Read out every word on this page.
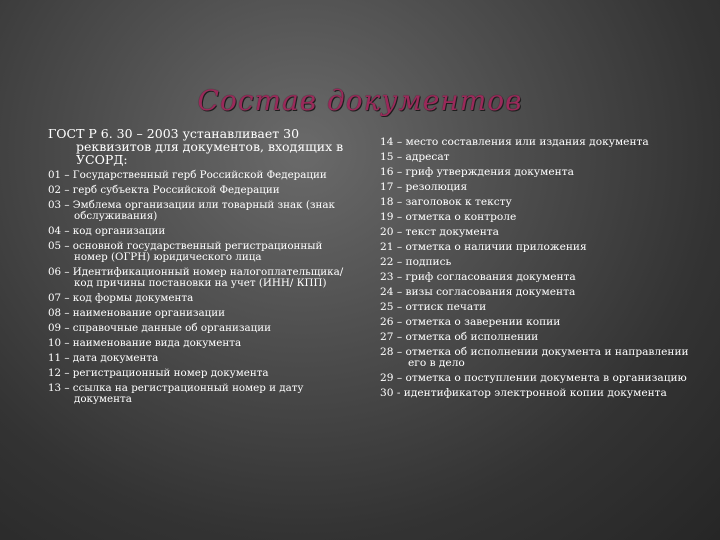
Состав документов
ГОСТ Р 6. 30 – 2003 устанавливает 30 реквизитов для документов, входящих в УСОРД:
01 – Государственный герб Российской Федерации
02 – герб субъекта Российской Федерации
03 – Эмблема организации или товарный знак (знак обслуживания)
04 – код организации
05 – основной государственный регистрационный номер (ОГРН) юридического лица
06 – Идентификационный номер налогоплательщика/ код причины постановки на учет (ИНН/ КПП)
07 – код формы документа
08 – наименование организации
09 – справочные данные об организации
10 – наименование вида документа
11 – дата документа
12 – регистрационный номер документа
13 – ссылка на регистрационный номер и дату документа
14 – место составления или издания документа
15 – адресат
16 – гриф утверждения документа
17 – резолюция
18 – заголовок к тексту
19 – отметка о контроле
20 – текст документа
21 – отметка о наличии приложения
22 – подпись
23 – гриф согласования документа
24 – визы согласования документа
25 – оттиск печати
26 – отметка о заверении копии
27 – отметка об исполнении
28 – отметка об исполнении документа и направлении его в дело
29 – отметка о поступлении документа в организацию
30 - идентификатор электронной копии документа
